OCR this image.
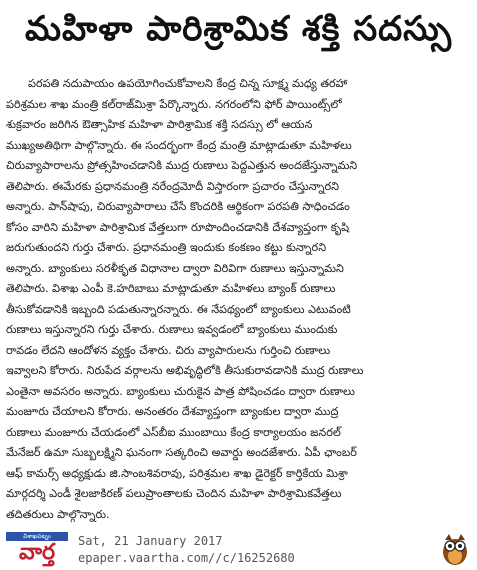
మహిళా పారిశ్రామిక శక్తి సదస్సు
పరపతి నదుపాయం ఉపయోగించుకోవాలని కేంద్ర చిన్న సూక్ష్మ మధ్య తరహా
పరిశ్రమల శాఖ మంత్రి కల్‌రాజ్‌మిశ్రా పేర్కొన్నారు. నగరంలోని ఫోర్ పాయింట్స్‌లో
శుక్రవారం జరిగిన ఔత్సాహిక మహిళా పారిశ్రామిక శక్తి సదస్సు లో ఆయన
ముఖ్యఅతిథిగా పాల్గొన్నారు. ఈ సందర్భంగా కేంద్ర మంత్రి మాట్లాడుతూ మహిళలు
చిరువ్యాపారాలను ప్రోత్సహించడానికి ముద్ర రుణాలు పెద్దఎత్తున అందజేస్తున్నామని
తెలిపారు. ఈమేరకు ప్రధానమంత్రి నరేంద్రమోదీ విస్తారంగా ప్రచారం చేస్తున్నారని
అన్నారు. పాన్‌షాపు, చిరువ్యాపారాలు చేసే కొందరికి ఆర్థికంగా పరపతి సాధించడం
కోసం వారిని మహిళా పారిశ్రామిక వేత్తలుగా రూపొందించడానికి దేశవ్యాప్తంగా కృషి
జరుగుతుందని గుర్తు చేశారు. ప్రధానమంత్రి ఇందుకు కంకణం కట్టు కున్నారని
అన్నారు. బ్యాంకులు సరళీకృత విధానాల ద్వారా విరివిగా రుణాలు ఇస్తున్నామని
తెలిపారు. విశాఖ ఎంపీ కె.హరిబాబు మాట్లాడుతూ మహిళలు బ్యాంక్ రుణాలు
తీసుకోవడానికి ఇబ్బంది పడుతున్నారన్నారు. ఈ నేపథ్యంలో బ్యాంకులు ఎటువంటి
రుణాలు ఇస్తున్నారని గుర్తు చేశారు. రుణాలు ఇవ్వడంలో బ్యాంకులు ముందుకు
రావడం లేదని ఆందోళన వ్యక్తం చేశారు. చిరు వ్యాపారులను గుర్తించి రుణాలు
ఇవ్వాలని కోరారు. నిరుపేద వర్గాలను అభివృద్ధిలోకి తీసుకురావడానికి ముద్ర రుణాలు
ఎంతైనా అవసరం అన్నారు. బ్యాంకులు చురుకైన పాత్ర పోషించడం ద్వారా రుణాలు
మంజూరు చేయాలని కోరారు. అనంతరం దేశవ్యాప్తంగా బ్యాంకుల ద్వారా ముద్ర
రుణాలు మంజూరు చేయడంలో ఎస్‌బీఐ ముంబాయి కేంద్ర కార్యాలయం జనరల్
మేనేజర్ ఉమా సుబ్బలక్ష్మిని ఘనంగా సత్కరించి అవార్డు అందజేశారు. ఏపీ ఛాంబర్
ఆఫ్ కామర్స్ అధ్యక్షుడు జి.సాంబశివరావు, పరిశ్రమల శాఖ డైరెక్టర్ కార్తికేయ మిశ్రా
మార్గదర్శి ఎండీ శైలజాకిరణ్ పలుప్రాంతాలకు చెందిన మహిళా పారిశ్రామికవేత్తలు
తదితరులు పాల్గొన్నారు.
విశాఖపట్నం
వార్త	Sat, 21 January 2017
epaper.vaartha.com//c/16252680
